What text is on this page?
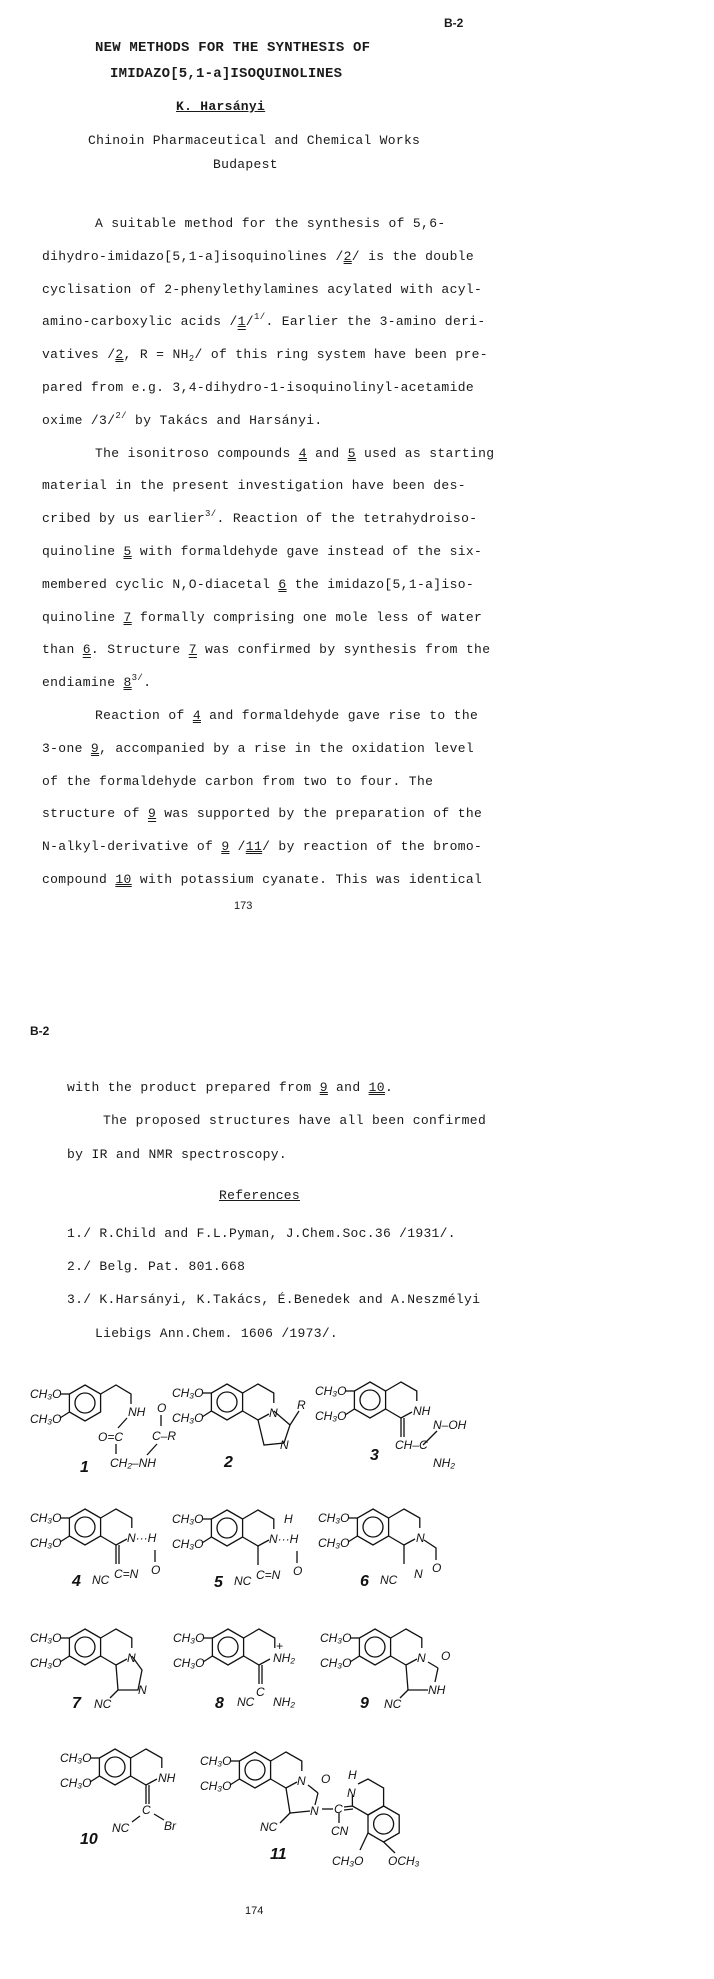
B-2
NEW METHODS FOR THE SYNTHESIS OF
IMIDAZO[5,1-a]ISOQUINOLINES
K. Harsányi
Chinoin Pharmaceutical and Chemical Works
Budapest
A suitable method for the synthesis of 5,6-
dihydro-imidazo[5,1-a]isoquinolines /2/ is the double
cyclisation of 2-phenylethylamines acylated with acyl-
amino-carboxylic acids /1/$^{1/}$. Earlier the 3-amino deri-
vatives /2, $R = NH_2/$ of this ring system have been pre-
pared from e.g. 3,4-dihydro-1-isoquinolinyl-acetamide
oxime /3/$^{2/}$ by Takács and Harsányi.
The isonitroso compounds 4 and 5 used as starting
material in the present investigation have been des-
cribed by us earlier$^{3/}$. Reaction of the tetrahydroiso-
quinoline 5 with formaldehyde gave instead of the six-
membered cyclic N,O-diacetal 6 the imidazo[5,1-a]iso-
quinoline 7 formally comprising one mole less of water
than 6. Structure 7 was confirmed by synthesis from the
endiamine $8^{3/}$.
Reaction of 4 and formaldehyde gave rise to the
3-one 9, accompanied by a rise in the oxidation level
of the formaldehyde carbon from two to four. The
structure of 9 was supported by the preparation of the
N-alkyl-derivative of 9 /11/ by reaction of the bromo-
compound 10 with potassium cyanate. This was identical
173
B-2
with the product prepared from 9 and 10.
The proposed structures have all been confirmed
by IR and NMR spectroscopy.
References
1./ R.Child and F.L.Pyman, J.Chem.Soc.36 /1931/.
2./ Belg. Pat. 801.668
3./ K.Harsányi, K.Takács, É.Benedek and A.Neszmélyi
Liebigs Ann.Chem. 1606 /1973/.
CH₃O
CH₃O	NH O
O=C C–R
CH₂–NH
1
CH₃O
CH₃O	N
R
N
2
CH₃O
CH₃O	NH
N–OH
CH–C
NH₂
3
CH₃O
CH₃O	N···H
O
NC C=N
4
CH₃O
CH₃O
H
N···H
O
NC C=N
5
CH₃O
CH₃O	N
O
NC N
6
CH₃O
CH₃O	N
N
NC
7
CH₃O
CH₃O
+
NH₂
NC
C
NH₂
8
CH₃O
CH₃O	N O
NH
NC
9
CH₃O
CH₃O	NH
NC
C
Br
10
CH₃O
CH₃O	N O
N C
H
N
CN
NC
CH₃O OCH₃
11
174
